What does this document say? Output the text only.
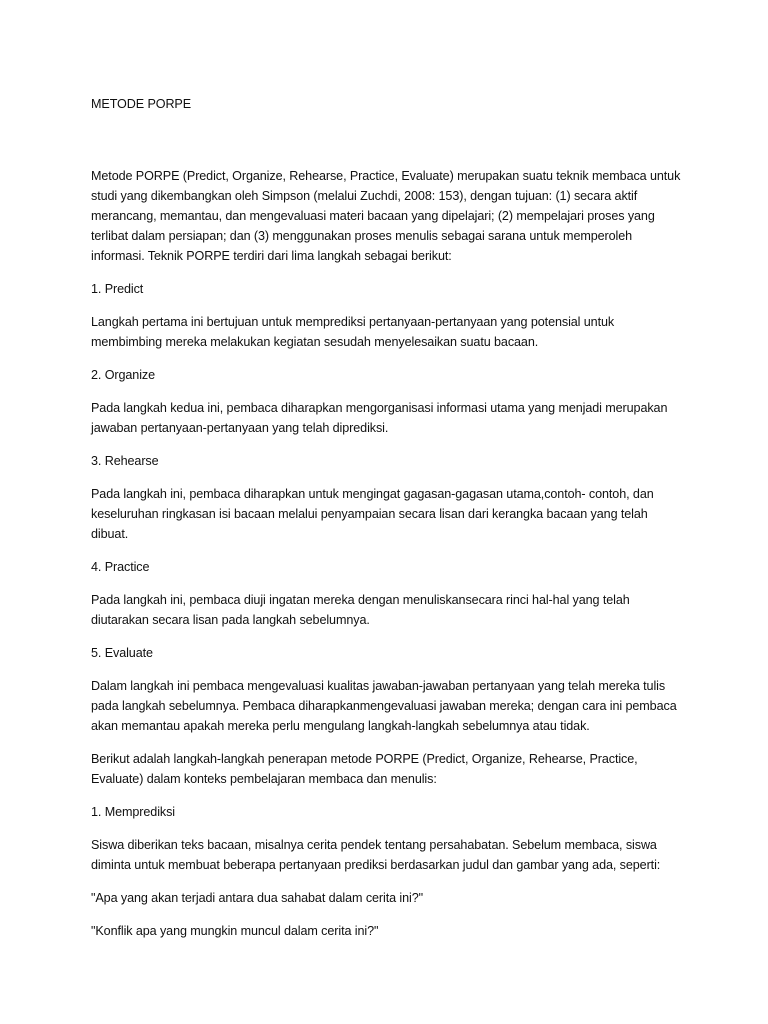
METODE PORPE
Metode PORPE (Predict, Organize, Rehearse, Practice, Evaluate) merupakan suatu teknik membaca untuk studi yang dikembangkan oleh Simpson (melalui Zuchdi, 2008: 153), dengan tujuan: (1) secara aktif merancang, memantau, dan mengevaluasi materi bacaan yang dipelajari; (2) mempelajari proses yang terlibat dalam persiapan; dan (3) menggunakan proses menulis sebagai sarana untuk memperoleh informasi. Teknik PORPE terdiri dari lima langkah sebagai berikut:
1. Predict
Langkah pertama ini bertujuan untuk memprediksi pertanyaan-pertanyaan yang potensial untuk membimbing mereka melakukan kegiatan sesudah menyelesaikan suatu bacaan.
2. Organize
Pada langkah kedua ini, pembaca diharapkan mengorganisasi informasi utama yang menjadi merupakan jawaban pertanyaan-pertanyaan yang telah diprediksi.
3. Rehearse
Pada langkah ini, pembaca diharapkan untuk mengingat gagasan-gagasan utama,contoh- contoh, dan keseluruhan ringkasan isi bacaan melalui penyampaian secara lisan dari kerangka bacaan yang telah dibuat.
4. Practice
Pada langkah ini, pembaca diuji ingatan mereka dengan menuliskansecara rinci hal-hal yang telah diutarakan secara lisan pada langkah sebelumnya.
5. Evaluate
Dalam langkah ini pembaca mengevaluasi kualitas jawaban-jawaban pertanyaan yang telah mereka tulis pada langkah sebelumnya. Pembaca diharapkanmengevaluasi jawaban mereka; dengan cara ini pembaca akan memantau apakah mereka perlu mengulang langkah-langkah sebelumnya atau tidak.
Berikut adalah langkah-langkah penerapan metode PORPE (Predict, Organize, Rehearse, Practice, Evaluate) dalam konteks pembelajaran membaca dan menulis:
1. Memprediksi
Siswa diberikan teks bacaan, misalnya cerita pendek tentang persahabatan. Sebelum membaca, siswa diminta untuk membuat beberapa pertanyaan prediksi berdasarkan judul dan gambar yang ada, seperti:
"Apa yang akan terjadi antara dua sahabat dalam cerita ini?"
"Konflik apa yang mungkin muncul dalam cerita ini?"
